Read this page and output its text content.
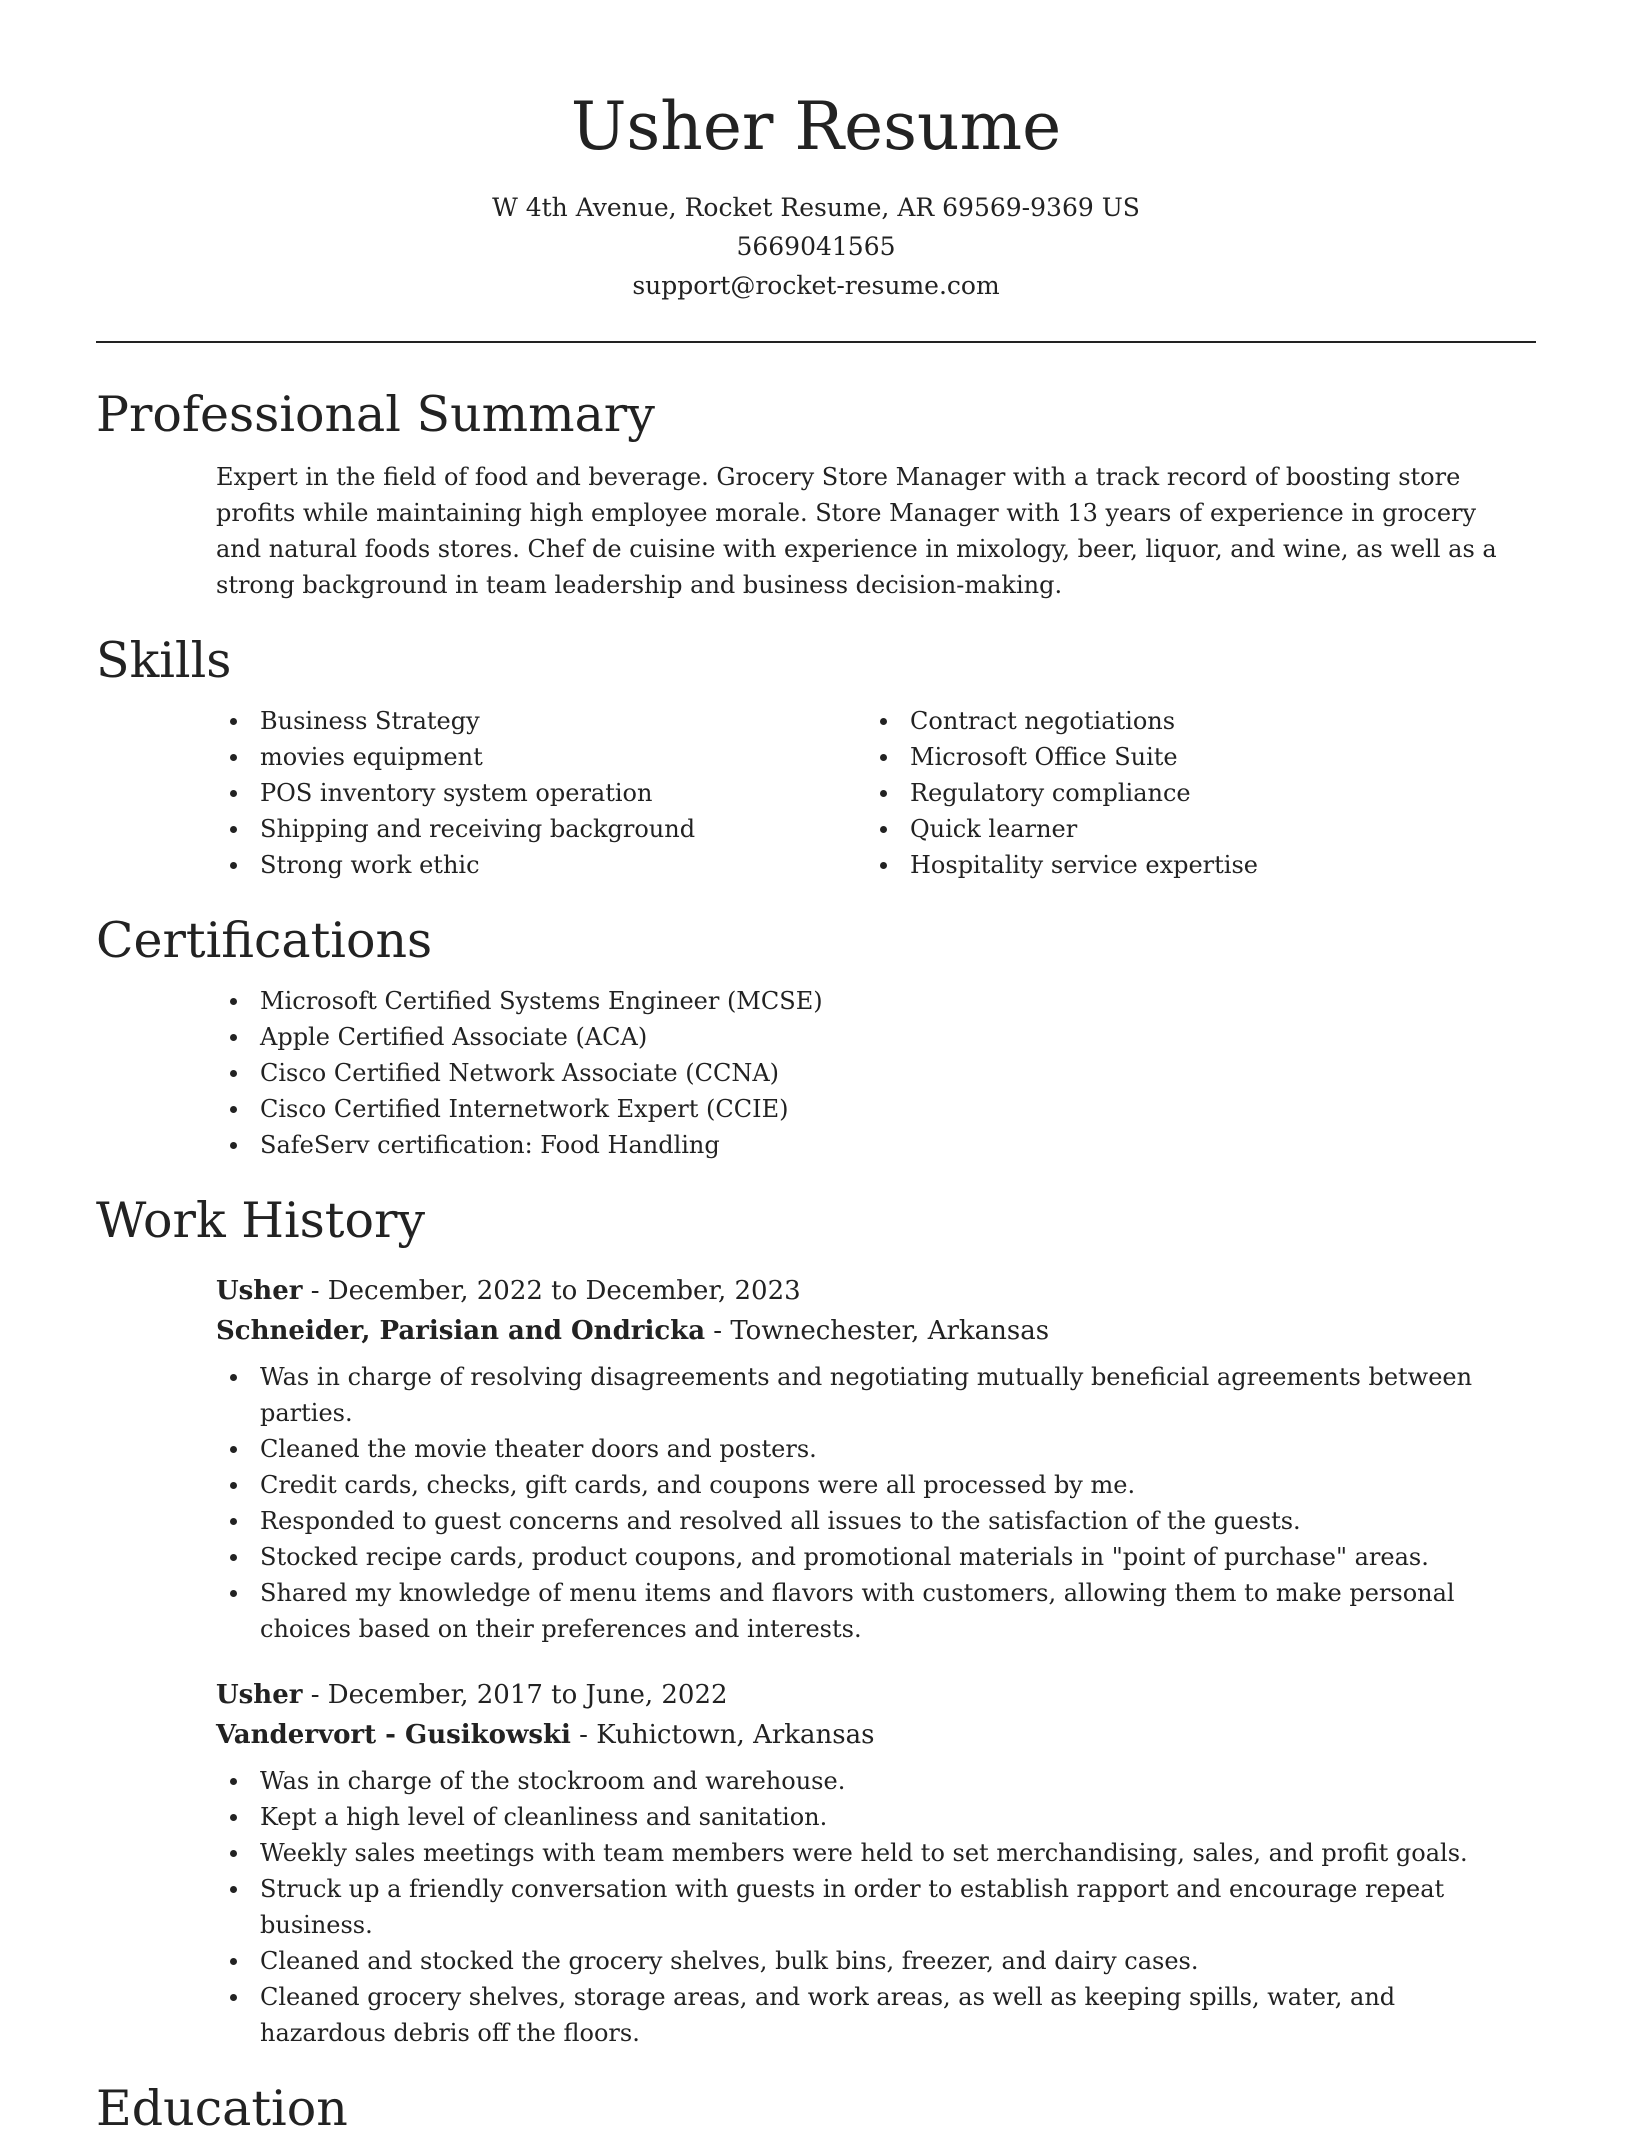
Usher Resume
W 4th Avenue, Rocket Resume, AR 69569-9369 US
5669041565
support@rocket-resume.com
Professional Summary

Expert in the field of food and beverage. Grocery Store Manager with a track record of boosting store profits while maintaining high employee morale. Store Manager with 13 years of experience in grocery and natural foods stores. Chef de cuisine with experience in mixology, beer, liquor, and wine, as well as a strong background in team leadership and business decision-making.

Skills
Business Strategy
movies equipment
POS inventory system operation
Shipping and receiving background
Strong work ethic
Contract negotiations
Microsoft Office Suite
Regulatory compliance
Quick learner
Hospitality service expertise
Certifications
Microsoft Certified Systems Engineer (MCSE)
Apple Certified Associate (ACA)
Cisco Certified Network Associate (CCNA)
Cisco Certified Internetwork Expert (CCIE)
SafeServ certification: Food Handling
Work History
Usher - December, 2022 to December, 2023
Schneider, Parisian and Ondricka - Townechester, Arkansas
Was in charge of resolving disagreements and negotiating mutually beneficial agreements between parties.
Cleaned the movie theater doors and posters.
Credit cards, checks, gift cards, and coupons were all processed by me.
Responded to guest concerns and resolved all issues to the satisfaction of the guests.
Stocked recipe cards, product coupons, and promotional materials in "point of purchase" areas.
Shared my knowledge of menu items and flavors with customers, allowing them to make personal choices based on their preferences and interests.
Usher - December, 2017 to June, 2022
Vandervort - Gusikowski - Kuhictown, Arkansas
Was in charge of the stockroom and warehouse.
Kept a high level of cleanliness and sanitation.
Weekly sales meetings with team members were held to set merchandising, sales, and profit goals.
Struck up a friendly conversation with guests in order to establish rapport and encourage repeat business.
Cleaned and stocked the grocery shelves, bulk bins, freezer, and dairy cases.
Cleaned grocery shelves, storage areas, and work areas, as well as keeping spills, water, and hazardous debris off the floors.
Education
